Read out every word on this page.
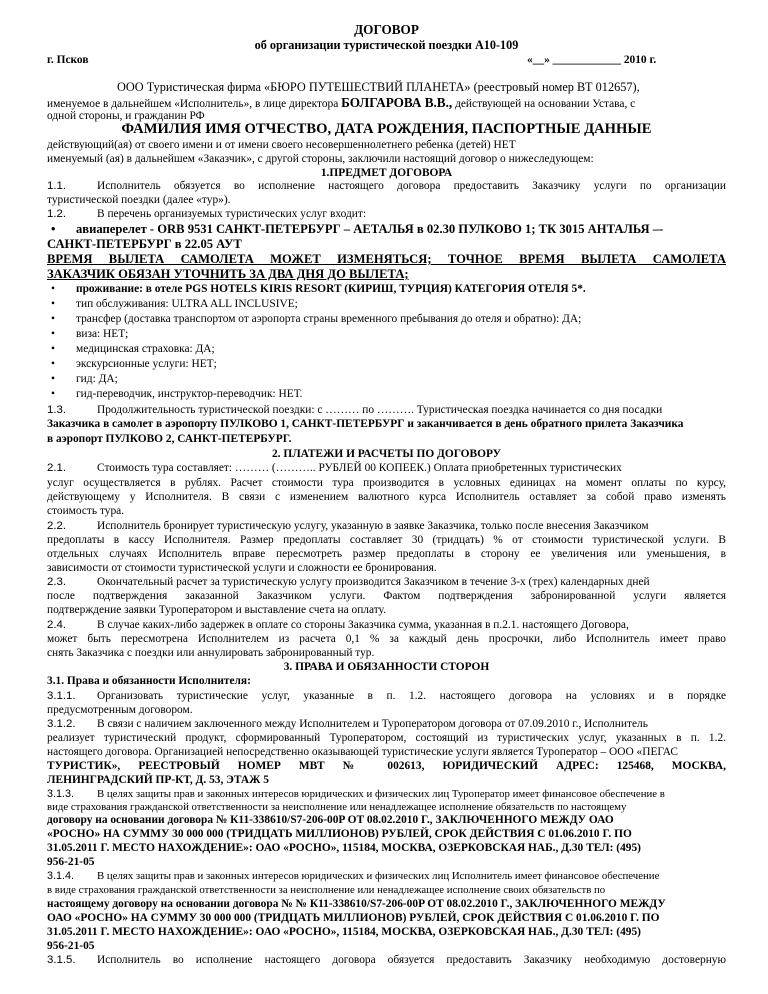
ДОГОВОР
об организации туристической поездки А10-109
г. Псков	«__» ____________ 2010 г.
ООО Туристическая фирма «БЮРО ПУТЕШЕСТВИЙ ПЛАНЕТА» (реестровый номер ВТ 012657),
именуемое в дальнейшем «Исполнитель», в лице директора БОЛГАРОВА В.В., действующей на основании Устава, с
одной стороны, и гражданин РФ
ФАМИЛИЯ ИМЯ ОТЧЕСТВО, ДАТА РОЖДЕНИЯ, ПАСПОРТНЫЕ ДАННЫЕ
действующий(ая) от своего имени и от имени своего несовершеннолетнего ребенка (детей) НЕТ
именуемый (ая) в дальнейшем «Заказчик», с другой стороны, заключили настоящий договор о нижеследующем:
1.ПРЕДМЕТ ДОГОВОРА
1.1.	Исполнитель обязуется во исполнение настоящего договора предоставить Заказчику услуги по организации
туристической поездки (далее «тур»).
1.2.	В перечень организуемых туристических услуг входит:
• авиаперелет - ORB 9531 САНКТ-ПЕТЕРБУРГ – АЕТАЛЬЯ в 02.30 ПУЛКОВО 1; ТК 3015 АНТАЛЬЯ –-
САНКТ-ПЕТЕРБУРГ в 22.05 АУТ
ВРЕМЯ ВЫЛЕТА САМОЛЕТА МОЖЕТ ИЗМЕНЯТЬСЯ; ТОЧНОЕ ВРЕМЯ ВЫЛЕТА САМОЛЕТА
ЗАКАЗЧИК ОБЯЗАН УТОЧНИТЬ ЗА ДВА ДНЯ ДО ВЫЛЕТА;
• проживание: в отеле PGS HOTELS KIRIS RESORT (КИРИШ, ТУРЦИЯ) КАТЕГОРИЯ ОТЕЛЯ 5*.
• тип обслуживания: ULTRA ALL INCLUSIVE;
• трансфер (доставка транспортом от аэропорта страны временного пребывания до отеля и обратно): ДА;
• виза: НЕТ;
• медицинская страховка: ДА;
• экскурсионные услуги: НЕТ;
• гид: ДА;
• гид-переводчик, инструктор-переводчик: НЕТ.
1.3.	Продолжительность туристической поездки: с ……… по ………. Туристическая поездка начинается со дня посадки
Заказчика в самолет в аэропорту ПУЛКОВО 1, САНКТ-ПЕТЕРБУРГ и заканчивается в день обратного прилета Заказчика
в аэропорт ПУЛКОВО 2, САНКТ-ПЕТЕРБУРГ.
2. ПЛАТЕЖИ И РАСЧЕТЫ ПО ДОГОВОРУ
2.1.	Стоимость тура составляет: ……… (……….. РУБЛЕЙ 00 КОПЕЕК.) Оплата приобретенных туристических
услуг осуществляется в рублях. Расчет стоимости тура производится в условных единицах на момент оплаты по курсу,
действующему у Исполнителя. В связи с изменением валютного курса Исполнитель оставляет за собой право изменять
стоимость тура.
2.2.	Исполнитель бронирует туристическую услугу, указанную в заявке Заказчика, только после внесения Заказчиком
предоплаты в кассу Исполнителя. Размер предоплаты составляет 30 (тридцать) % от стоимости туристической услуги. В
отдельных случаях Исполнитель вправе пересмотреть размер предоплаты в сторону ее увеличения или уменьшения, в
зависимости от стоимости туристической услуги и сложности ее бронирования.
2.3.	Окончательный расчет за туристическую услугу производится Заказчиком в течение 3-х (трех) календарных дней
после подтверждения заказанной Заказчиком услуги. Фактом подтверждения забронированной услуги является
подтверждение заявки Туроператором и выставление счета на оплату.
2.4.	В случае каких-либо задержек в оплате со стороны Заказчика сумма, указанная в п.2.1. настоящего Договора,
может быть пересмотрена Исполнителем из расчета 0,1 % за каждый день просрочки, либо Исполнитель имеет право
снять Заказчика с поездки или аннулировать забронированный тур.
3. ПРАВА И ОБЯЗАННОСТИ СТОРОН
3.1. Права и обязанности Исполнителя:
3.1.1. Организовать туристические услуг, указанные в п. 1.2. настоящего договора на условиях и в порядке
предусмотренным договором.
3.1.2. В связи с наличием заключенного между Исполнителем и Туроператором договора от 07.09.2010 г., Исполнитель
реализует туристический продукт, сформированный Туроператором, состоящий из туристических услуг, указанных в п. 1.2.
настоящего договора. Организацией непосредственно оказывающей туристические услуги является Туроператор – ООО «ПЕГАС
ТУРИСТИК», РЕЕСТРОВЫЙ НОМЕР МВТ № 002613, ЮРИДИЧЕСКИЙ АДРЕС: 125468, МОСКВА,
ЛЕНИНГРАДСКИЙ ПР-КТ, Д. 53, ЭТАЖ 5
3.1.3. В целях защиты прав и законных интересов юридических и физических лиц Туроператор имеет финансовое обеспечение в
виде страхования гражданской ответственности за неисполнение или ненадлежащее исполнение обязательств по настоящему
договору на основании договора № К11-338610/S7-206-00P ОТ 08.02.2010 Г., ЗАКЛЮЧЕННОГО МЕЖДУ ОАО
«РОСНО» НА СУММУ 30 000 000 (ТРИДЦАТЬ МИЛЛИОНОВ) РУБЛЕЙ, СРОК ДЕЙСТВИЯ С 01.06.2010 Г. ПО
31.05.2011 Г. МЕСТО НАХОЖДЕНИЕ»: ОАО «РОСНО», 115184, МОСКВА, ОЗЕРКОВСКАЯ НАБ., Д.30 ТЕЛ: (495)
956-21-05
3.1.4. В целях защиты прав и законных интересов юридических и физических лиц Исполнитель имеет финансовое обеспечение
в виде страхования гражданской ответственности за неисполнение или ненадлежащее исполнение своих обязательств по
настоящему договору на основании договора № № К11-338610/S7-206-00P ОТ 08.02.2010 Г., ЗАКЛЮЧЕННОГО МЕЖДУ
ОАО «РОСНО» НА СУММУ 30 000 000 (ТРИДЦАТЬ МИЛЛИОНОВ) РУБЛЕЙ, СРОК ДЕЙСТВИЯ С 01.06.2010 Г. ПО
31.05.2011 Г. МЕСТО НАХОЖДЕНИЕ»: ОАО «РОСНО», 115184, МОСКВА, ОЗЕРКОВСКАЯ НАБ., Д.30 ТЕЛ: (495)
956-21-05
3.1.5. Исполнитель во исполнение настоящего договора обязуется предоставить Заказчику необходимую достоверную
